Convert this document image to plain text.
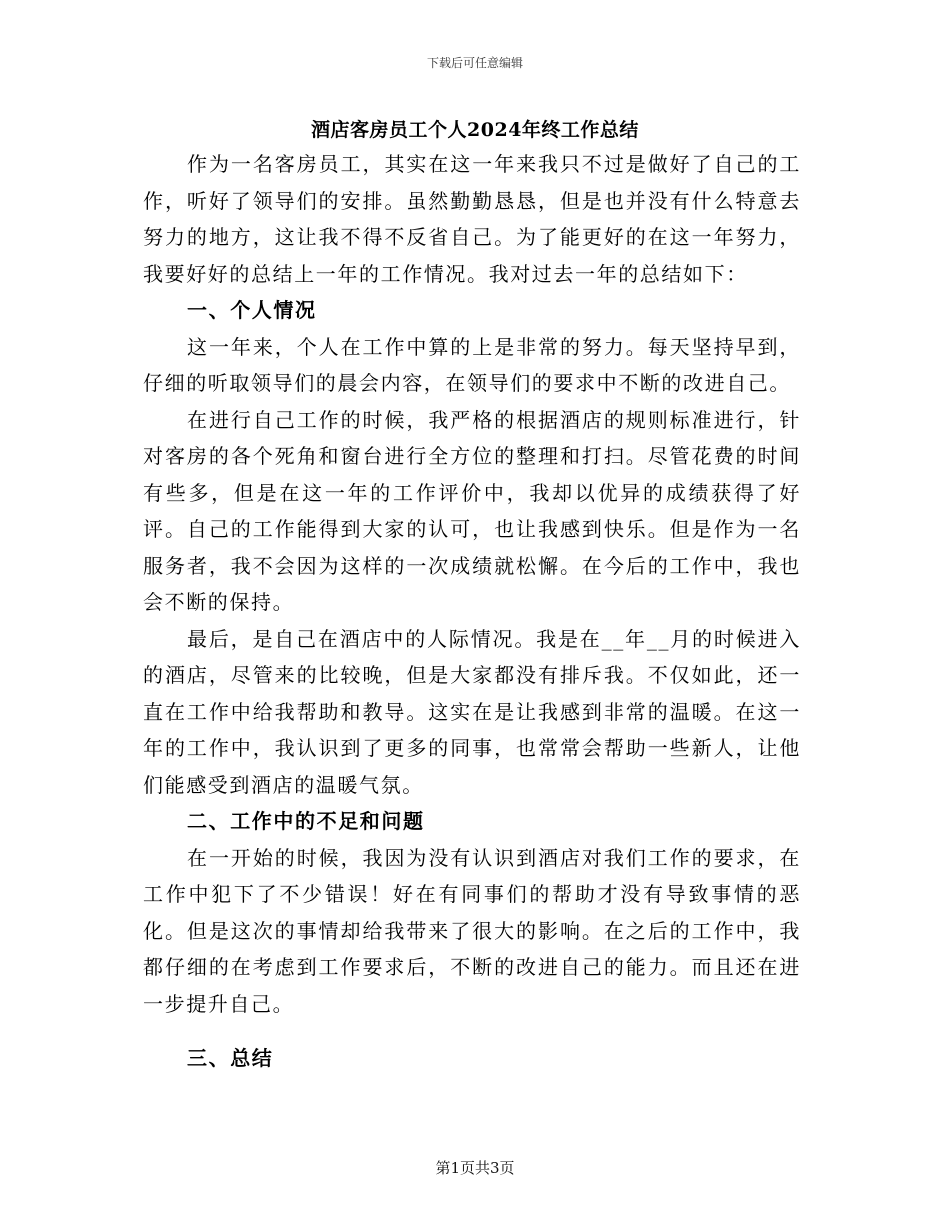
下载后可任意编辑
酒店客房员工个人2024年终工作总结

作为一名客房员工，其实在这一年来我只不过是做好了自己的工作，听好了领导们的安排。虽然勤勤恳恳，但是也并没有什么特意去努力的地方，这让我不得不反省自己。为了能更好的在这一年努力，我要好好的总结上一年的工作情况。我对过去一年的总结如下：

一、个人情况

这一年来，个人在工作中算的上是非常的努力。每天坚持早到，仔细的听取领导们的晨会内容，在领导们的要求中不断的改进自己。

在进行自己工作的时候，我严格的根据酒店的规则标准进行，针对客房的各个死角和窗台进行全方位的整理和打扫。尽管花费的时间有些多，但是在这一年的工作评价中，我却以优异的成绩获得了好评。自己的工作能得到大家的认可，也让我感到快乐。但是作为一名服务者，我不会因为这样的一次成绩就松懈。在今后的工作中，我也会不断的保持。

最后，是自己在酒店中的人际情况。我是在__年__月的时候进入的酒店，尽管来的比较晚，但是大家都没有排斥我。不仅如此，还一直在工作中给我帮助和教导。这实在是让我感到非常的温暖。在这一年的工作中，我认识到了更多的同事，也常常会帮助一些新人，让他们能感受到酒店的温暖气氛。

二、工作中的不足和问题

在一开始的时候，我因为没有认识到酒店对我们工作的要求，在工作中犯下了不少错误！好在有同事们的帮助才没有导致事情的恶化。但是这次的事情却给我带来了很大的影响。在之后的工作中，我都仔细的在考虑到工作要求后，不断的改进自己的能力。而且还在进一步提升自己。

三、总结

第1页共3页
